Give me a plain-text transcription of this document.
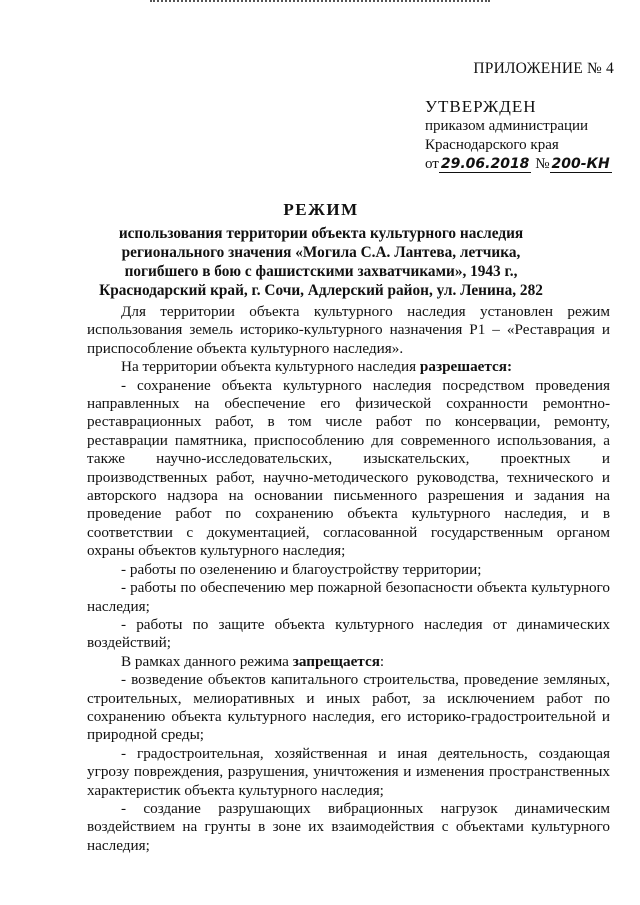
ПРИЛОЖЕНИЕ № 4
УТВЕРЖДЕН
приказом администрации
Краснодарского края
от 29.06.2018 № 200-КН
РЕЖИМ
использования территории объекта культурного наследия регионального значения «Могила С.А. Лантева, летчика, погибшего в бою с фашистскими захватчиками», 1943 г., Краснодарский край, г. Сочи, Адлерский район, ул. Ленина, 282

Для территории объекта культурного наследия установлен режим использования земель историко-культурного назначения Р1 – «Реставрация и приспособление объекта культурного наследия».

На территории объекта культурного наследия разрешается:

- сохранение объекта культурного наследия посредством проведения направленных на обеспечение его физической сохранности ремонтно-реставрационных работ, в том числе работ по консервации, ремонту, реставрации памятника, приспособлению для современного использования, а также научно-исследовательских, изыскательских, проектных и производственных работ, научно-методического руководства, технического и авторского надзора на основании письменного разрешения и задания на проведение работ по сохранению объекта культурного наследия, и в соответствии с документацией, согласованной государственным органом охраны объектов культурного наследия;

- работы по озеленению и благоустройству территории;

- работы по обеспечению мер пожарной безопасности объекта культурного наследия;

- работы по защите объекта культурного наследия от динамических воздействий;

В рамках данного режима запрещается:

- возведение объектов капитального строительства, проведение земляных, строительных, мелиоративных и иных работ, за исключением работ по сохранению объекта культурного наследия, его историко-градостроительной и природной среды;

- градостроительная, хозяйственная и иная деятельность, создающая угрозу повреждения, разрушения, уничтожения и изменения пространственных характеристик объекта культурного наследия;

- создание разрушающих вибрационных нагрузок динамическим воздействием на грунты в зоне их взаимодействия с объектами культурного наследия;
